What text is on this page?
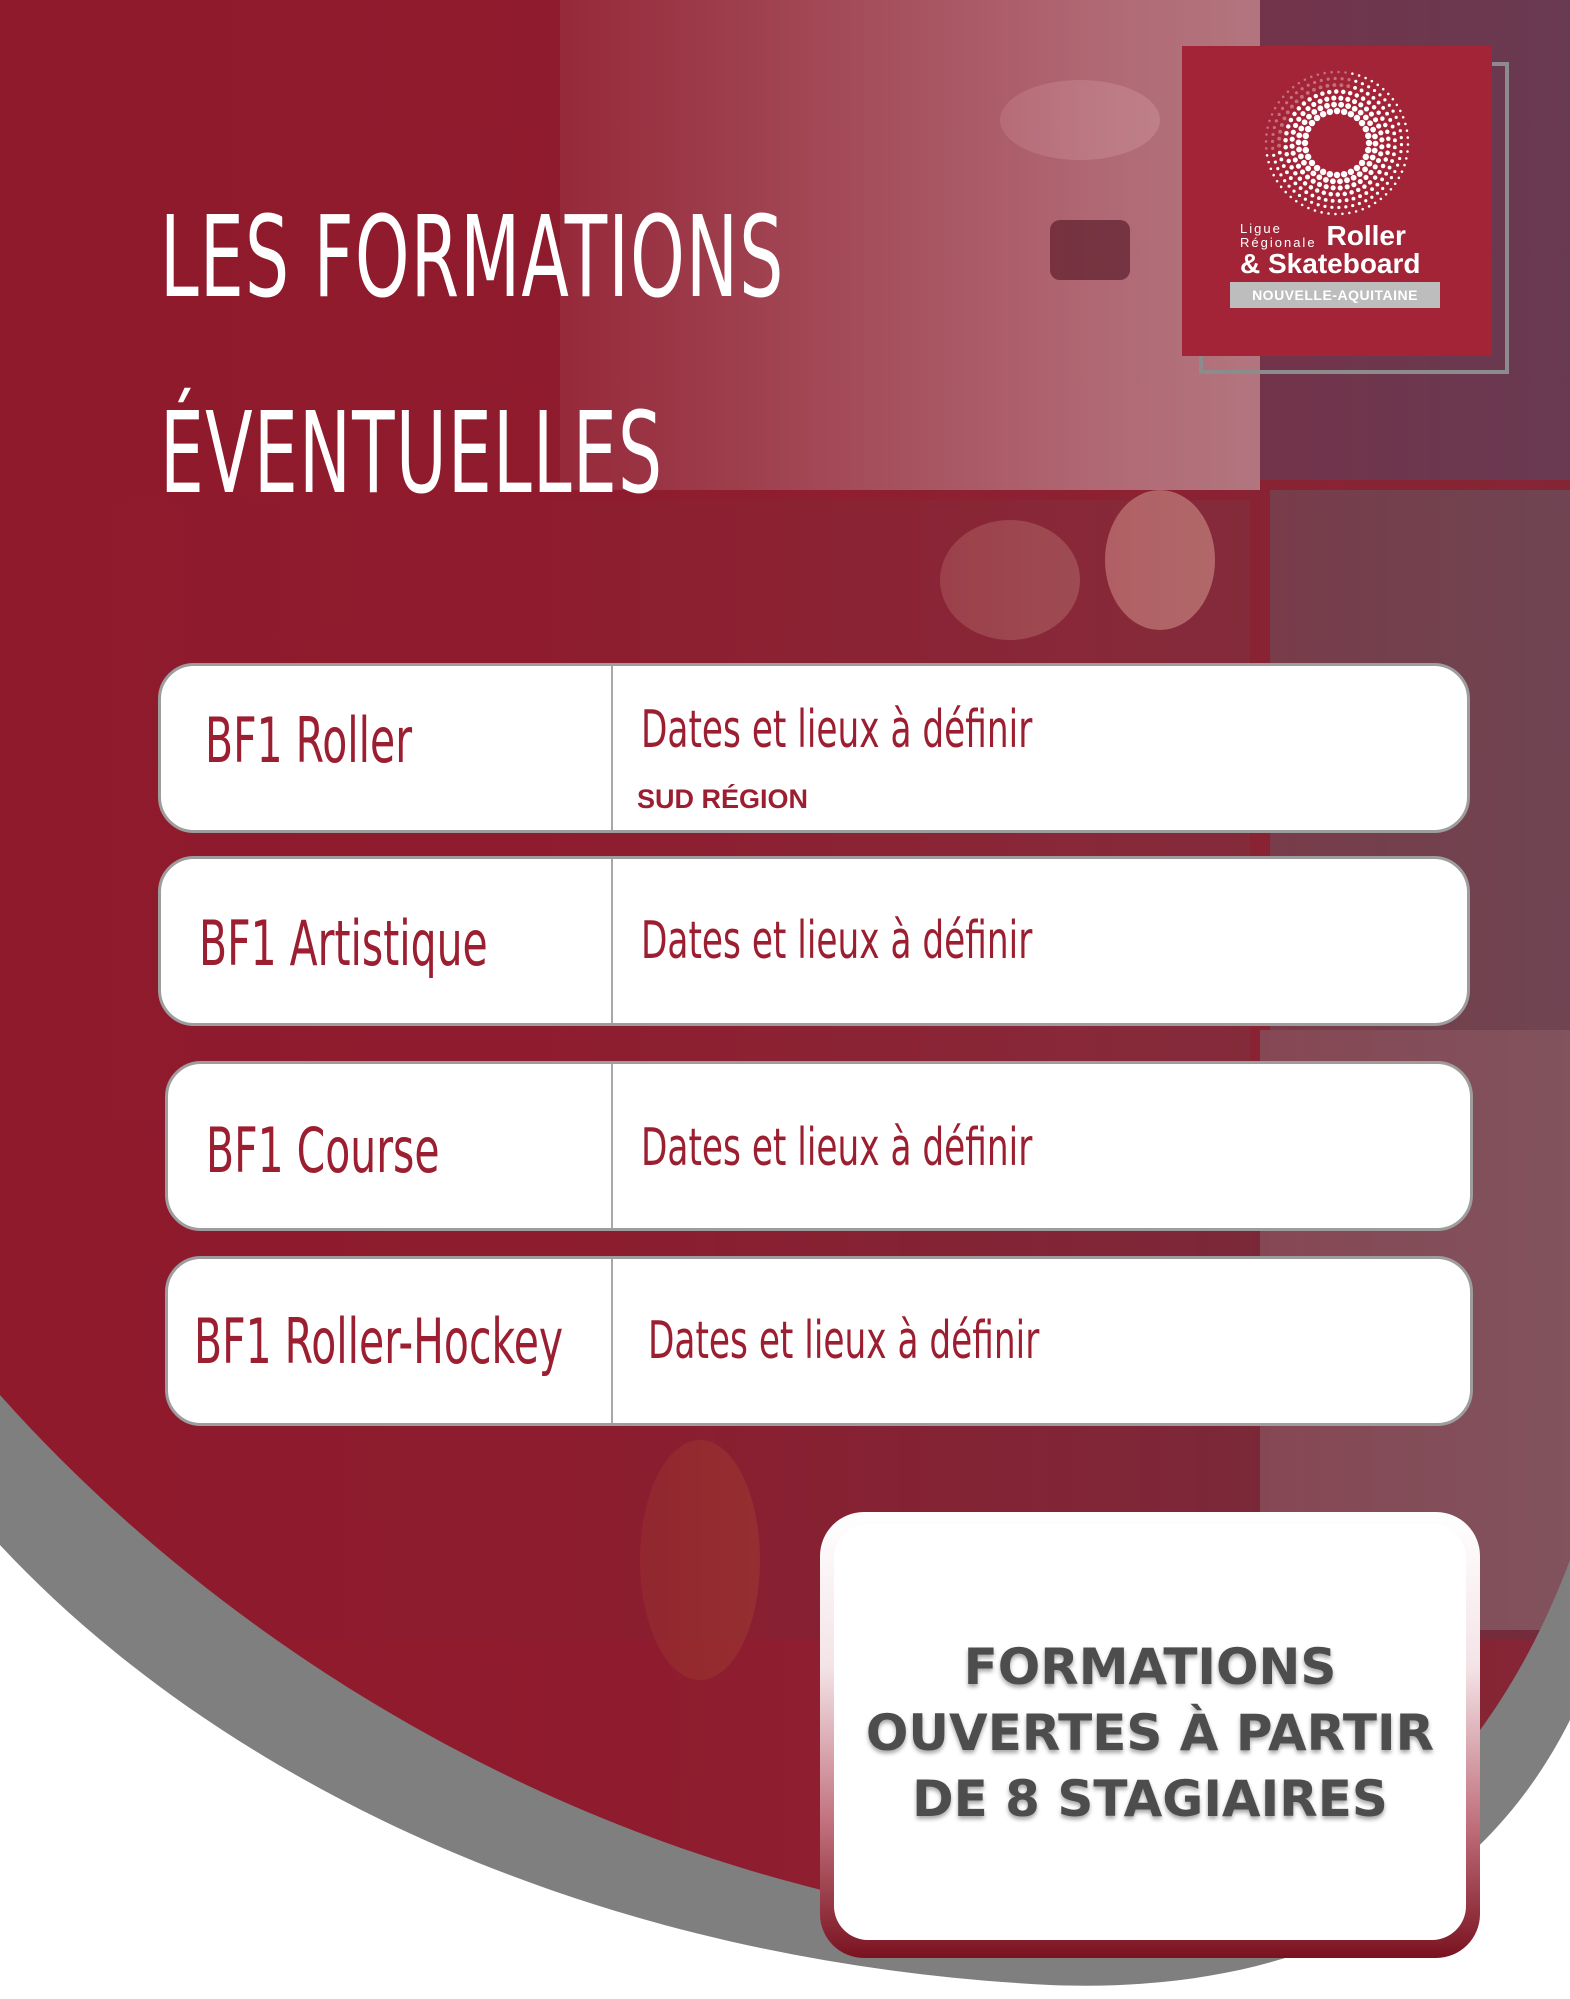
LES FORMATIONS
ÉVENTUELLES
Ligue
Régionale Roller
& Skateboard
NOUVELLE-AQUITAINE
BF1 Roller	Dates et lieux à définir
SUD RÉGION
BF1 Artistique	Dates et lieux à définir
BF1 Course	Dates et lieux à définir
BF1 Roller-Hockey Dates et lieux à définir
FORMATIONS
OUVERTES À PARTIR
DE 8 STAGIAIRES
